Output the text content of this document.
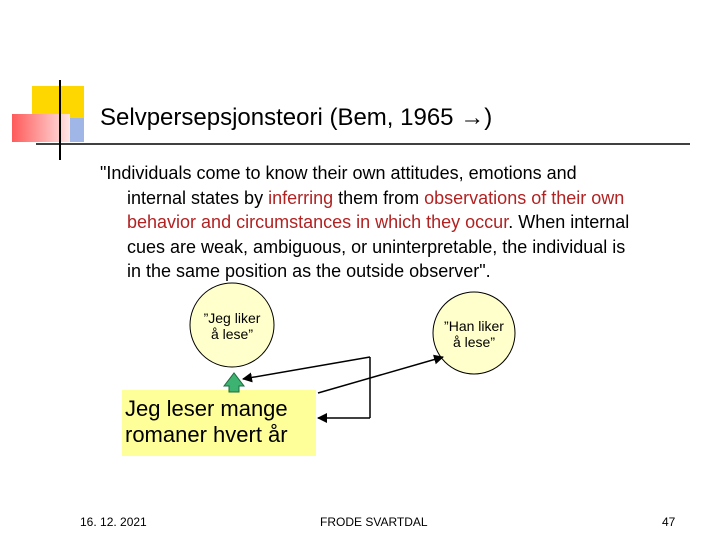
Selvpersepsjonsteori (Bem, 1965 →)
"Individuals come to know their own attitudes, emotions and
internal states by inferring them from observations of their own
behavior and circumstances in which they occur. When internal
cues are weak, ambiguous, or uninterpretable, the individual is
in the same position as the outside observer".
”Jeg liker
å lese”	”Han liker
å lese”
Jeg leser mange
romaner hvert år
16. 12. 2021	FRODE SVARTDAL	47
